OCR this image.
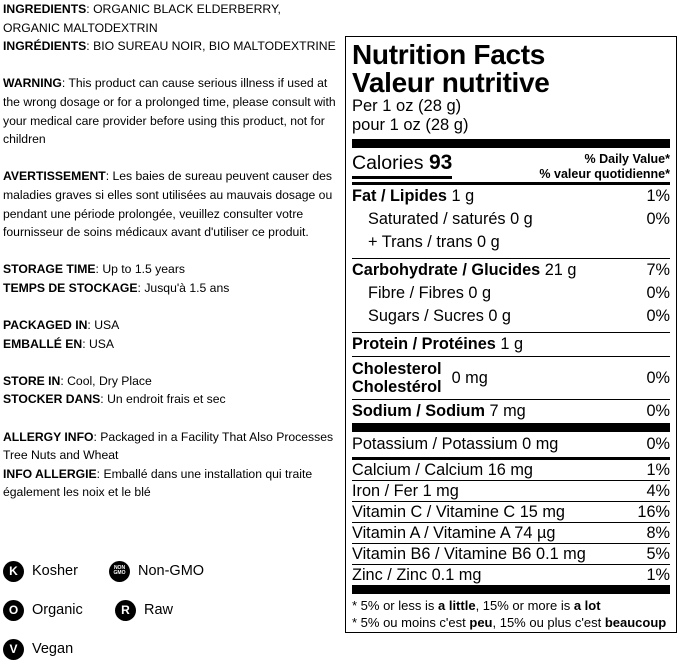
INGREDIENTS: ORGANIC BLACK ELDERBERRY, ORGANIC MALTODEXTRIN

INGRÉDIENTS: BIO SUREAU NOIR, BIO MALTODEXTRINE

WARNING: This product can cause serious illness if used at the wrong dosage or for a prolonged time, please consult with your medical care provider before using this product, not for children

AVERTISSEMENT: Les baies de sureau peuvent causer des maladies graves si elles sont utilisées au mauvais dosage ou pendant une période prolongée, veuillez consulter votre fournisseur de soins médicaux avant d'utiliser ce produit.

STORAGE TIME: Up to 1.5 years

TEMPS DE STOCKAGE: Jusqu'à 1.5 ans

PACKAGED IN: USA

EMBALLÉ EN: USA

STORE IN: Cool, Dry Place

STOCKER DANS: Un endroit frais et sec

ALLERGY INFO: Packaged in a Facility That Also Processes Tree Nuts and Wheat

INFO ALLERGIE: Emballé dans une installation qui traite également les noix et le blé

K Kosher	NON
GMO Non-GMO
O Organic	R Raw
V	Vegan
Nutrition Facts
Valeur nutritive
Per 1 oz (28 g)
pour 1 oz (28 g)
Calories 93	% Daily Value*
% valeur quotidienne*
Fat / Lipides 1 g	1%
Saturated / saturés 0 g	0%
+ Trans / trans 0 g
Carbohydrate / Glucides 21 g	7%
Fibre / Fibres 0 g	0%
Sugars / Sucres 0 g	0%
Protein / Protéines 1 g
Cholesterol
Cholestérol
0 mg	0%
Sodium / Sodium 7 mg	0%
Potassium / Potassium 0 mg	0%
Calcium / Calcium 16 mg	1%
Iron / Fer 1 mg	4%
Vitamin C / Vitamine C 15 mg	16%
Vitamin A / Vitamine A 74 µg	8%
Vitamin B6 / Vitamine B6 0.1 mg	5%
Zinc / Zinc 0.1 mg	1%
* 5% or less is a little, 15% or more is a lot
* 5% ou moins c'est peu, 15% ou plus c'est beaucoup
